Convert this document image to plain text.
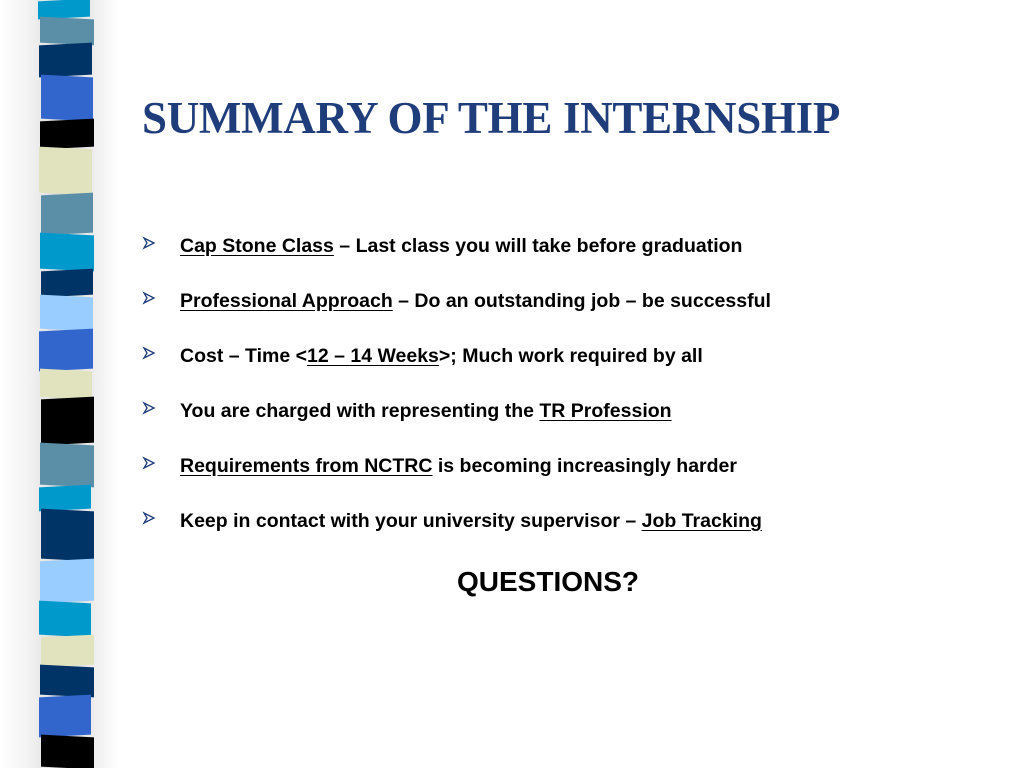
SUMMARY OF THE INTERNSHIP
Cap Stone Class – Last class you will take before graduation
Professional Approach – Do an outstanding job – be successful
Cost – Time <12 – 14 Weeks>; Much work required by all
You are charged with representing the TR Profession
Requirements from NCTRC is becoming increasingly harder
Keep in contact with your university supervisor – Job Tracking
QUESTIONS?
